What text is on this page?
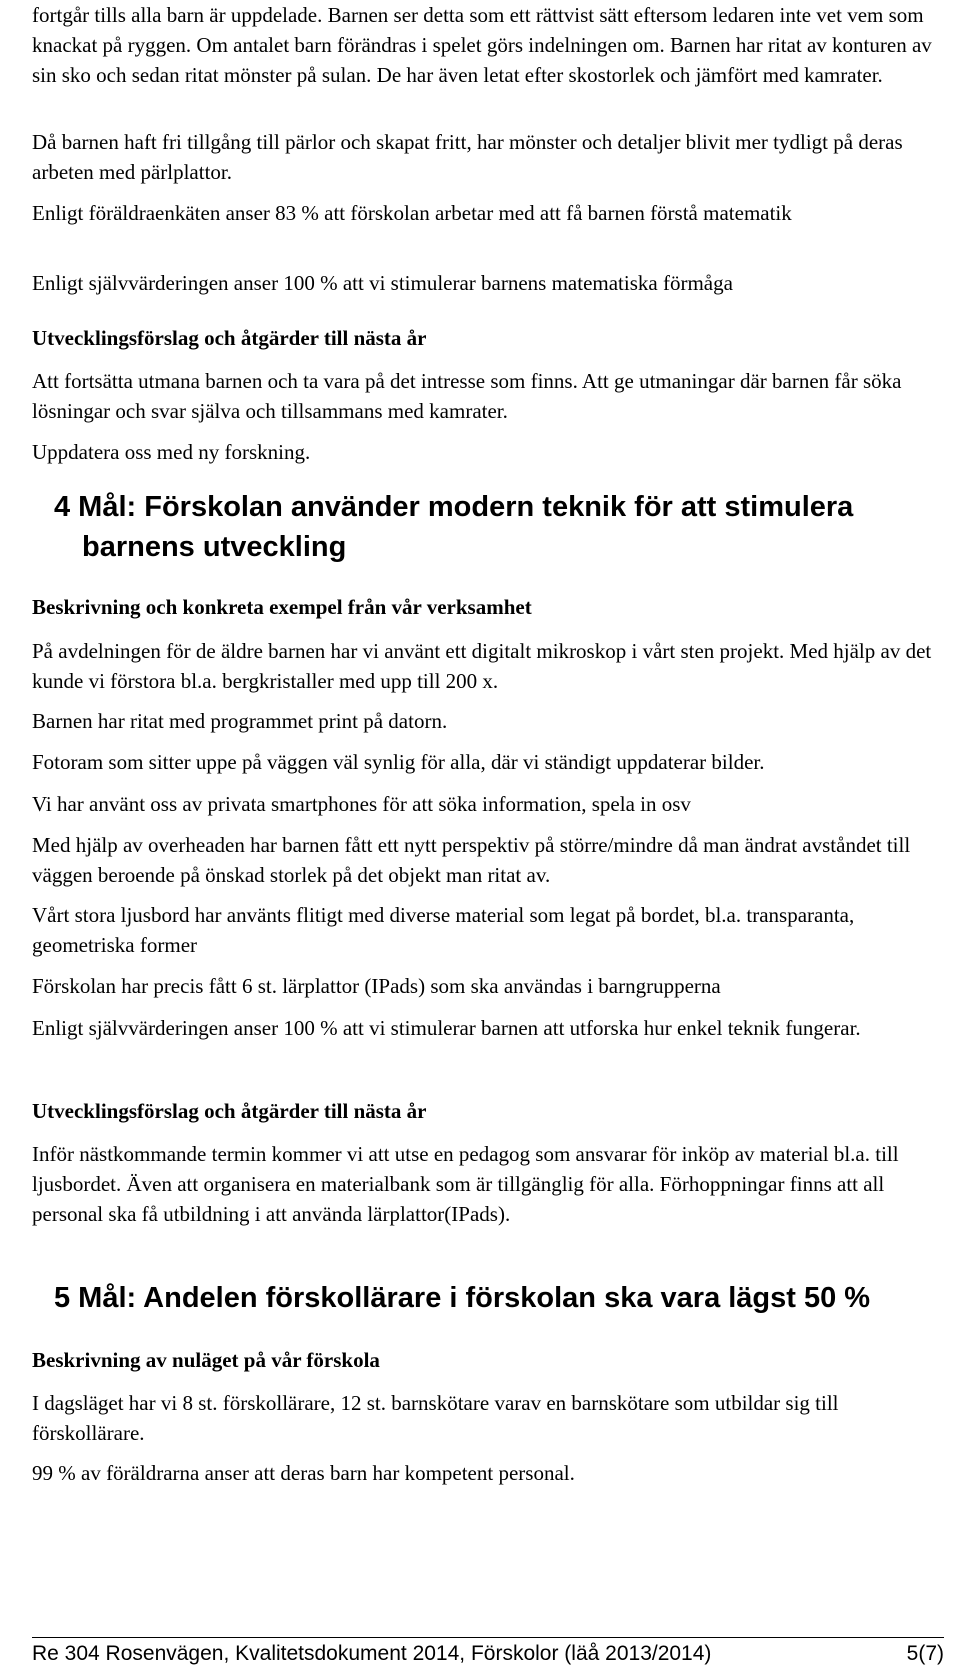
fortgår tills alla barn är uppdelade. Barnen ser detta som ett rättvist sätt eftersom ledaren inte vet vem som knackat på ryggen. Om antalet barn förändras i spelet görs indelningen om. Barnen har ritat av konturen av sin sko och sedan ritat mönster på sulan. De har även letat efter skostorlek och jämfört med kamrater.

Då barnen haft fri tillgång till pärlor och skapat fritt, har mönster och detaljer blivit mer tydligt på deras arbeten med pärlplattor.

Enligt föräldraenkäten anser 83 % att förskolan arbetar med att få barnen förstå matematik

Enligt självvärderingen anser 100 % att vi stimulerar barnens matematiska förmåga

Utvecklingsförslag och åtgärder till nästa år

Att fortsätta utmana barnen och ta vara på det intresse som finns. Att ge utmaningar där barnen får söka lösningar och svar själva och tillsammans med kamrater.

Uppdatera oss med ny forskning.

4 Mål: Förskolan använder modern teknik för att stimulera
barnens utveckling

Beskrivning och konkreta exempel från vår verksamhet

På avdelningen för de äldre barnen har vi använt ett digitalt mikroskop i vårt sten projekt. Med hjälp av det kunde vi förstora bl.a. bergkristaller med upp till 200 x.

Barnen har ritat med programmet print på datorn.

Fotoram som sitter uppe på väggen väl synlig för alla, där vi ständigt uppdaterar bilder.

Vi har använt oss av privata smartphones för att söka information, spela in osv

Med hjälp av overheaden har barnen fått ett nytt perspektiv på större/mindre då man ändrat avståndet till väggen beroende på önskad storlek på det objekt man ritat av.

Vårt stora ljusbord har använts flitigt med diverse material som legat på bordet, bl.a. transparanta, geometriska former

Förskolan har precis fått 6 st. lärplattor (IPads) som ska användas i barngrupperna

Enligt självvärderingen anser 100 % att vi stimulerar barnen att utforska hur enkel teknik fungerar.

Utvecklingsförslag och åtgärder till nästa år

Inför nästkommande termin kommer vi att utse en pedagog som ansvarar för inköp av material bl.a. till ljusbordet. Även att organisera en materialbank som är tillgänglig för alla. Förhoppningar finns att all personal ska få utbildning i att använda lärplattor(IPads).

5 Mål: Andelen förskollärare i förskolan ska vara lägst 50 %

Beskrivning av nuläget på vår förskola

I dagsläget har vi 8 st. förskollärare, 12 st. barnskötare varav en barnskötare som utbildar sig till förskollärare.

99 % av föräldrarna anser att deras barn har kompetent personal.

Re 304 Rosenvägen, Kvalitetsdokument 2014, Förskolor (läå 2013/2014)	5(7)
